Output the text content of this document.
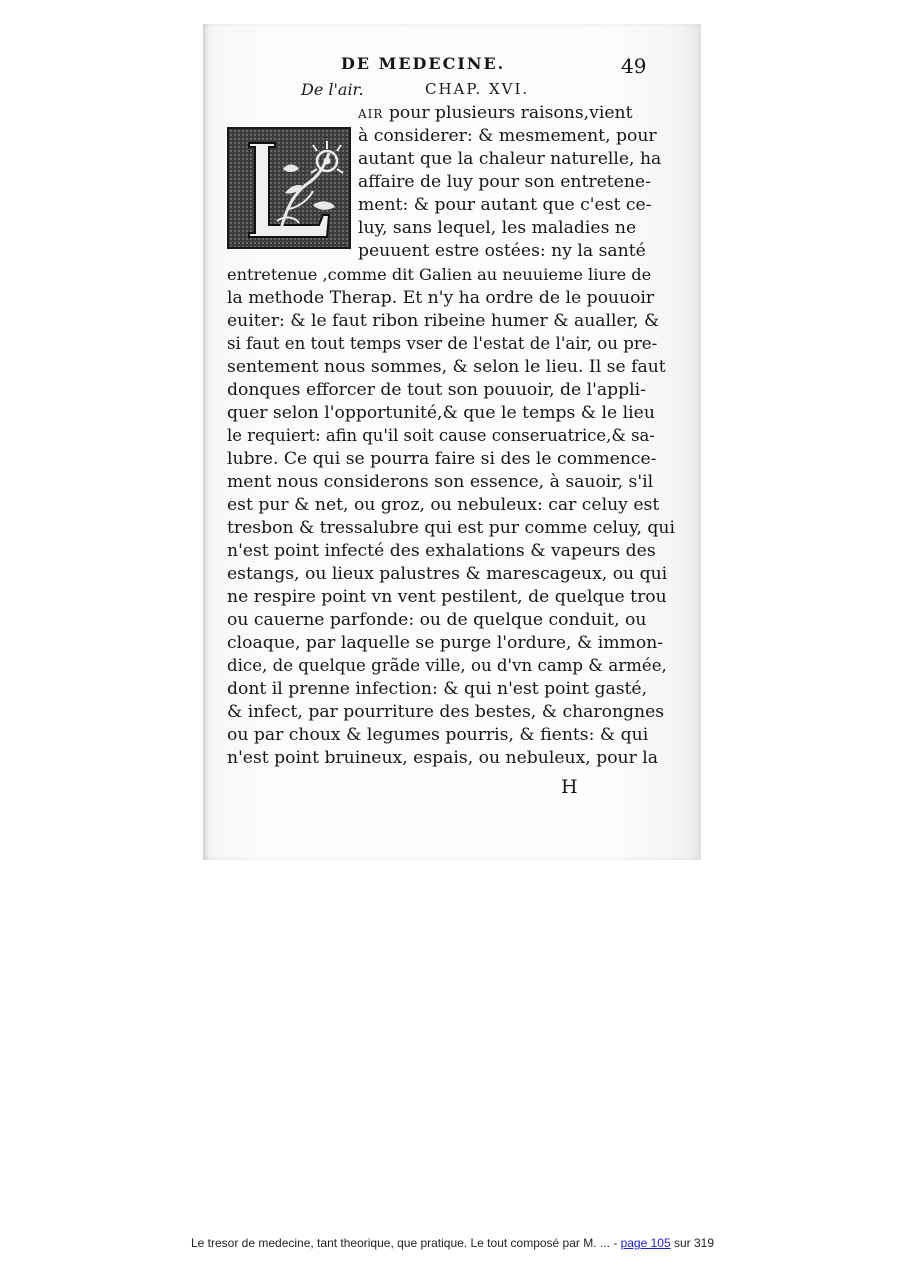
DE MEDECINE.	49
De l'air.	CHAP. XVI.
AIR pour plusieurs raisons,vient
à considerer: & mesmement, pour
autant que la chaleur naturelle, ha
affaire de luy pour son entretene-
ment: & pour autant que c'est ce-
luy, sans lequel, les maladies ne
peuuent estre ostées: ny la santé
entretenue ,comme dit Galien au neuuieme liure de
la methode Therap. Et n'y ha ordre de le pouuoir
euiter: & le faut ribon ribeine humer & aualler, &
si faut en tout temps vser de l'estat de l'air, ou pre-
sentement nous sommes, & selon le lieu. Il se faut
donques efforcer de tout son pouuoir, de l'appli-
quer selon l'opportunité,& que le temps & le lieu
le requiert: afin qu'il soit cause conseruatrice,& sa-
lubre. Ce qui se pourra faire si des le commence-
ment nous considerons son essence, à sauoir, s'il
est pur & net, ou groz, ou nebuleux: car celuy est
tresbon & tressalubre qui est pur comme celuy, qui
n'est point infecté des exhalations & vapeurs des
estangs, ou lieux palustres & marescageux, ou qui
ne respire point vn vent pestilent, de quelque trou
ou cauerne parfonde: ou de quelque conduit, ou
cloaque, par laquelle se purge l'ordure, & immon-
dice, de quelque grãde ville, ou d'vn camp & armée,
dont il prenne infection: & qui n'est point gasté,
& infect, par pourriture des bestes, & charongnes
ou par choux & legumes pourris, & fients: & qui
n'est point bruineux, espais, ou nebuleux, pour la
H
Le tresor de medecine, tant theorique, que pratique. Le tout composé par M. ... - page 105 sur 319
